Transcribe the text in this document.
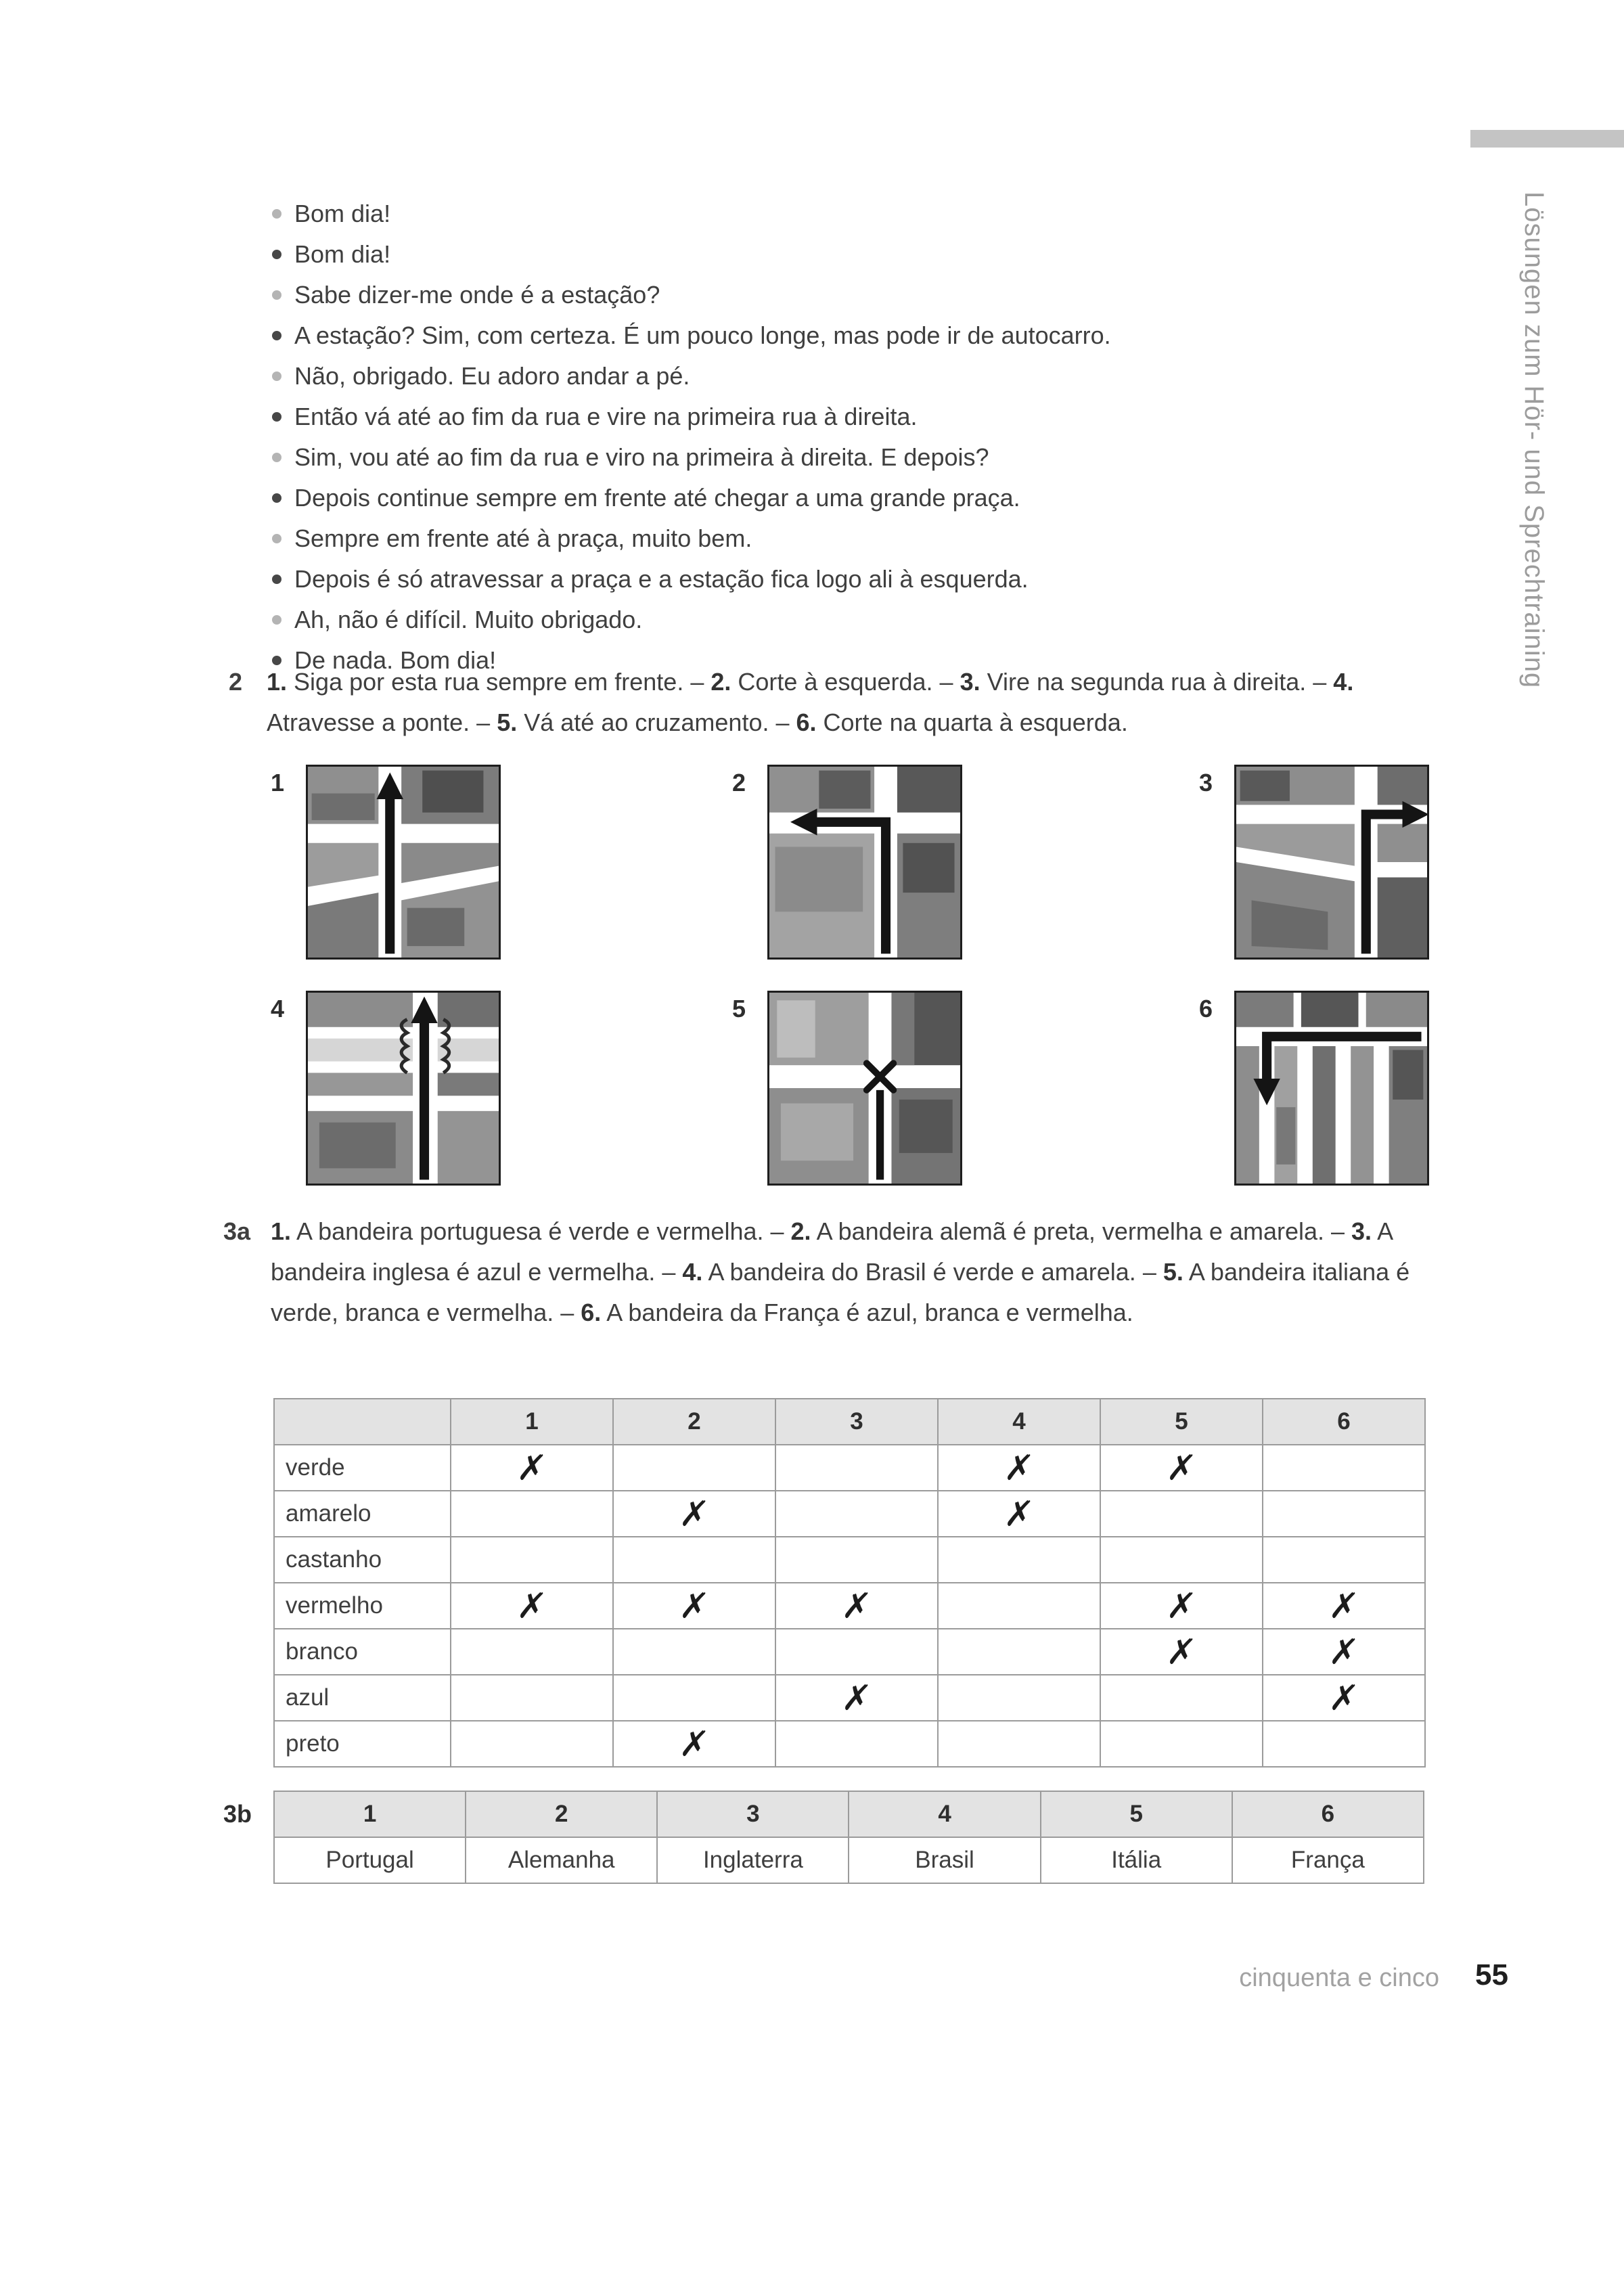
Lösungen zum Hör- und Sprechtraining
Bom dia!
Bom dia!
Sabe dizer-me onde é a estação?
A estação? Sim, com certeza. É um pouco longe, mas pode ir de autocarro.
Não, obrigado. Eu adoro andar a pé.
Então vá até ao fim da rua e vire na primeira rua à direita.
Sim, vou até ao fim da rua e viro na primeira à direita. E depois?
Depois continue sempre em frente até chegar a uma grande praça.
Sempre em frente até à praça, muito bem.
Depois é só atravessar a praça e a estação fica logo ali à esquerda.
Ah, não é difícil. Muito obrigado.
De nada. Bom dia!
2 1. Siga por esta rua sempre em frente. – 2. Corte à esquerda. – 3. Vire na segunda rua à direita. – 4. Atravesse a ponte. – 5. Vá até ao cruzamento. – 6. Corte na quarta à esquerda.
1	2	3
4	5	6
3a 1. A bandeira portuguesa é verde e vermelha. – 2. A bandeira alemã é preta, vermelha e amarela. – 3. A bandeira inglesa é azul e vermelha. – 4. A bandeira do Brasil é verde e amarela. – 5. A bandeira italiana é verde, branca e vermelha. – 6. A bandeira da França é azul, branca e vermelha.
	1	2	3	4	5	6
verde	✗			✗	✗	
amarelo		✗		✗		
castanho						
vermelho	✗	✗	✗		✗	✗
branco					✗	✗
azul			✗			✗
preto		✗				
3b	1	2	3	4	5	6
Portugal	Alemanha	Inglaterra	Brasil	Itália	França
cinquenta e cinco 55
